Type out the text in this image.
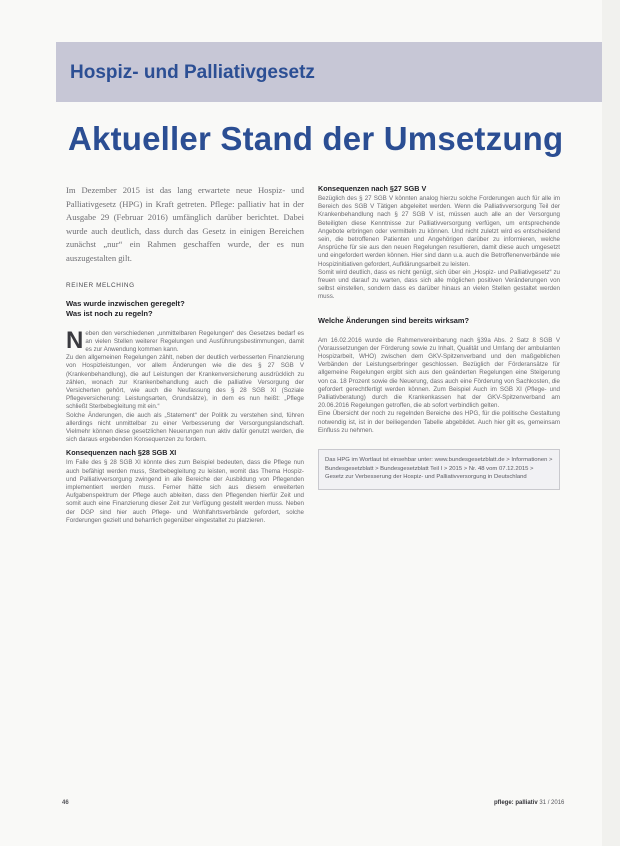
Hospiz- und Palliativgesetz
Aktueller Stand der Umsetzung

Im Dezember 2015 ist das lang erwartete neue Hospiz- und Palliativgesetz (HPG) in Kraft getreten. Pflege: palliativ hat in der Ausgabe 29 (Februar 2016) umfänglich darüber berichtet. Dabei wurde auch deutlich, dass durch das Gesetz in einigen Bereichen zunächst „nur“ ein Rahmen geschaffen wurde, der es nun auszugestalten gilt.

REINER MELCHING

Was wurde inzwischen geregelt?
Was ist noch zu regeln?

Neben den verschiedenen „unmittelbaren Regelungen“ des Gesetzes bedarf es an vielen Stellen weiterer Regelungen und Ausführungsbestimmungen, damit es zur Anwendung kommen kann.

Zu den allgemeinen Regelungen zählt, neben der deutlich verbesserten Finanzierung von Hospizleistungen, vor allem Änderungen wie die des § 27 SGB V (Krankenbehandlung), die auf Leistungen der Krankenversicherung ausdrücklich zu zählen, wonach zur Krankenbehandlung auch die palliative Versorgung der Versicherten gehört, wie auch die Neufassung des § 28 SGB XI (Soziale Pflegeversicherung: Leistungsarten, Grundsätze), in dem es nun heißt: „Pflege schließt Sterbebegleitung mit ein.“

Solche Änderungen, die auch als „Statement“ der Politik zu verstehen sind, führen allerdings nicht unmittelbar zu einer Verbesserung der Versorgungslandschaft. Vielmehr können diese gesetzlichen Neuerungen nun aktiv dafür genutzt werden, die sich daraus ergebenden Konsequenzen zu fordern.

Konsequenzen nach §28 SGB XI

Im Falle des § 28 SGB XI könnte dies zum Beispiel bedeuten, dass die Pflege nun auch befähigt werden muss, Sterbebegleitung zu leisten, womit das Thema Hospiz- und Palliativversorgung zwingend in alle Bereiche der Ausbildung von Pflegenden implementiert werden muss. Ferner hätte sich aus diesem erweiterten Aufgabenspektrum der Pflege auch ableiten, dass den Pflegenden hierfür Zeit und somit auch eine Finanzierung dieser Zeit zur Verfügung gestellt werden muss. Neben der DGP sind hier auch Pflege- und Wohlfahrtsverbände gefordert, solche Forderungen gezielt und beharrlich gegenüber eingestaltet zu platzieren.

Konsequenzen nach §27 SGB V

Bezüglich des § 27 SGB V könnten analog hierzu solche Forderungen auch für alle im Bereich des SGB V Tätigen abgeleitet werden. Wenn die Palliativversorgung Teil der Krankenbehandlung nach § 27 SGB V ist, müssen auch alle an der Versorgung Beteiligten diese Kenntnisse zur Palliativversorgung verfügen, um entsprechende Angebote erbringen oder vermitteln zu können. Und nicht zuletzt wird es entscheidend sein, die betroffenen Patienten und Angehörigen darüber zu informieren, welche Ansprüche für sie aus den neuen Regelungen resultieren, damit diese auch umgesetzt und eingefordert werden können. Hier sind dann u.a. auch die Betroffenenverbände wie Hospizinitiativen gefordert, Aufklärungsarbeit zu leisten.

Somit wird deutlich, dass es nicht genügt, sich über ein „Hospiz- und Palliativgesetz“ zu freuen und darauf zu warten, dass sich alle möglichen positiven Veränderungen von selbst einstellen, sondern dass es darüber hinaus an vielen Stellen gestaltet werden muss.

Welche Änderungen sind bereits wirksam?

Am 16.02.2016 wurde die Rahmenvereinbarung nach §39a Abs. 2 Satz 8 SGB V (Voraussetzungen der Förderung sowie zu Inhalt, Qualität und Umfang der ambulanten Hospizarbeit, WHO) zwischen dem GKV-Spitzenverband und den maßgeblichen Verbänden der Leistungserbringer geschlossen. Bezüglich der Förderansätze für allgemeine Regelungen ergibt sich aus den geänderten Regelungen eine Steigerung von ca. 18 Prozent sowie die Neuerung, dass auch eine Förderung von Sachkosten, die gefordert gerechtfertigt werden können. Zum Beispiel Auch im SGB XI (Pflege- und Palliativberatung) durch die Krankenkassen hat der GKV-Spitzenverband am 20.06.2016 Regelungen getroffen, die ab sofort verbindlich gelten.

Eine Übersicht der noch zu regelnden Bereiche des HPG, für die politische Gestaltung notwendig ist, ist in der beiliegenden Tabelle abgebildet. Auch hier gilt es, gemeinsam Einfluss zu nehmen.

Das HPG im Wortlaut ist einsehbar unter: www.bundesgesetzblatt.de > Informationen > Bundesgesetzblatt > Bundesgesetzblatt Teil I > 2015 > Nr. 48 vom 07.12.2015 > Gesetz zur Verbesserung der Hospiz- und Palliativversorgung in Deutschland
46	pflege: palliativ 31 / 2016
